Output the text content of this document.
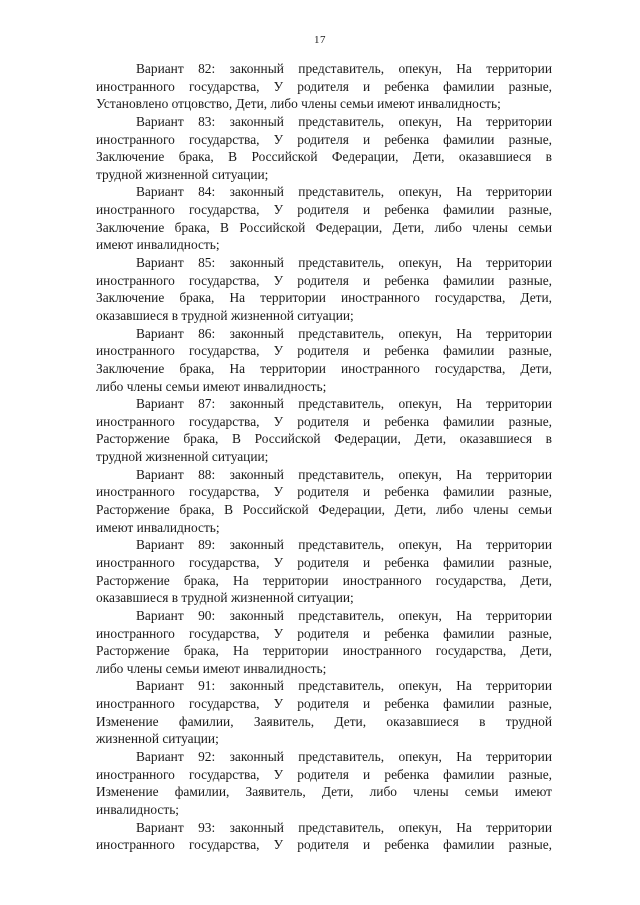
17
Вариант 82: законный представитель, опекун, На территории
иностранного государства, У родителя и ребенка фамилии разные,
Установлено отцовство, Дети, либо члены семьи имеют инвалидность;
Вариант 83: законный представитель, опекун, На территории
иностранного государства, У родителя и ребенка фамилии разные,
Заключение брака, В Российской Федерации, Дети, оказавшиеся в
трудной жизненной ситуации;
Вариант 84: законный представитель, опекун, На территории
иностранного государства, У родителя и ребенка фамилии разные,
Заключение брака, В Российской Федерации, Дети, либо члены семьи
имеют инвалидность;
Вариант 85: законный представитель, опекун, На территории
иностранного государства, У родителя и ребенка фамилии разные,
Заключение брака, На территории иностранного государства, Дети,
оказавшиеся в трудной жизненной ситуации;
Вариант 86: законный представитель, опекун, На территории
иностранного государства, У родителя и ребенка фамилии разные,
Заключение брака, На территории иностранного государства, Дети,
либо члены семьи имеют инвалидность;
Вариант 87: законный представитель, опекун, На территории
иностранного государства, У родителя и ребенка фамилии разные,
Расторжение брака, В Российской Федерации, Дети, оказавшиеся в
трудной жизненной ситуации;
Вариант 88: законный представитель, опекун, На территории
иностранного государства, У родителя и ребенка фамилии разные,
Расторжение брака, В Российской Федерации, Дети, либо члены семьи
имеют инвалидность;
Вариант 89: законный представитель, опекун, На территории
иностранного государства, У родителя и ребенка фамилии разные,
Расторжение брака, На территории иностранного государства, Дети,
оказавшиеся в трудной жизненной ситуации;
Вариант 90: законный представитель, опекун, На территории
иностранного государства, У родителя и ребенка фамилии разные,
Расторжение брака, На территории иностранного государства, Дети,
либо члены семьи имеют инвалидность;
Вариант 91: законный представитель, опекун, На территории
иностранного государства, У родителя и ребенка фамилии разные,
Изменение фамилии, Заявитель, Дети, оказавшиеся в трудной
жизненной ситуации;
Вариант 92: законный представитель, опекун, На территории
иностранного государства, У родителя и ребенка фамилии разные,
Изменение фамилии, Заявитель, Дети, либо члены семьи имеют
инвалидность;
Вариант 93: законный представитель, опекун, На территории
иностранного государства, У родителя и ребенка фамилии разные,
